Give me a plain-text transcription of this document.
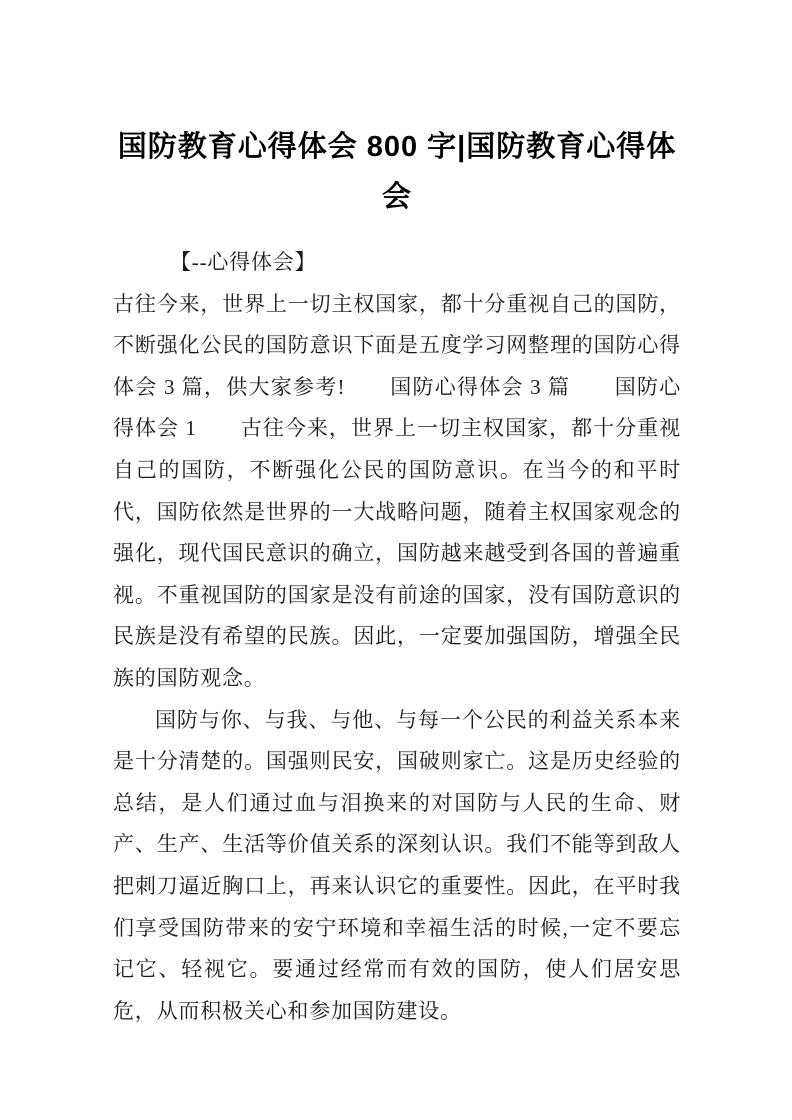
国防教育心得体会 800 字|国防教育心得体
会

【--心得体会】

古往今来，世界上一切主权国家，都十分重视自己的国防，不断强化公民的国防意识下面是五度学习网整理的国防心得体会 3 篇，供大家参考!　　国防心得体会 3 篇　　国防心得体会 1　　古往今来，世界上一切主权国家，都十分重视自己的国防，不断强化公民的国防意识。在当今的和平时代，国防依然是世界的一大战略问题，随着主权国家观念的强化，现代国民意识的确立，国防越来越受到各国的普遍重视。不重视国防的国家是没有前途的国家，没有国防意识的民族是没有希望的民族。因此，一定要加强国防，增强全民族的国防观念。

国防与你、与我、与他、与每一个公民的利益关系本来是十分清楚的。国强则民安，国破则家亡。这是历史经验的总结，是人们通过血与泪换来的对国防与人民的生命、财产、生产、生活等价值关系的深刻认识。我们不能等到敌人把刺刀逼近胸口上，再来认识它的重要性。因此，在平时我们享受国防带来的安宁环境和幸福生活的时候,一定不要忘记它、轻视它。要通过经常而有效的国防，使人们居安思危，从而积极关心和参加国防建设。
